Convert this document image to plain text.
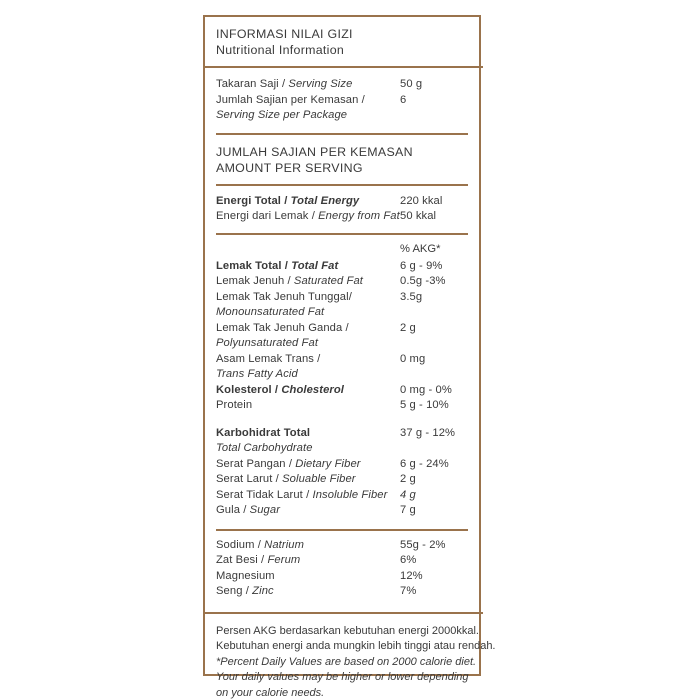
INFORMASI NILAI GIZI
Nutritional Information
Takaran Saji / Serving Size	50 g
Jumlah Sajian per Kemasan /	6
Serving Size per Package
JUMLAH SAJIAN PER KEMASAN
AMOUNT PER SERVING
Energi Total / Total Energy	220 kkal
Energi dari Lemak / Energy from Fat 50 kkal
% AKG*
Lemak Total / Total Fat	6 g - 9%
Lemak Jenuh / Saturated Fat	0.5g -3%
Lemak Tak Jenuh Tunggal/	3.5g
Monounsaturated Fat
Lemak Tak Jenuh Ganda /	2 g
Polyunsaturated Fat
Asam Lemak Trans /	0 mg
Trans Fatty Acid
Kolesterol / Cholesterol	0 mg - 0%
Protein	5 g - 10%
Karbohidrat Total	37 g - 12%
Total Carbohydrate
Serat Pangan / Dietary Fiber	6 g - 24%
Serat Larut / Soluable Fiber	2 g
Serat Tidak Larut / Insoluble Fiber 4 g
Gula / Sugar	7 g
Sodium / Natrium	55g - 2%
Zat Besi / Ferum	6%
Magnesium	12%
Seng / Zinc	7%
Persen AKG berdasarkan kebutuhan energi 2000kkal.
Kebutuhan energi anda mungkin lebih tinggi atau rendah.
*Percent Daily Values are based on 2000 calorie diet.
Your daily values may be higher or lower depending
on your calorie needs.
